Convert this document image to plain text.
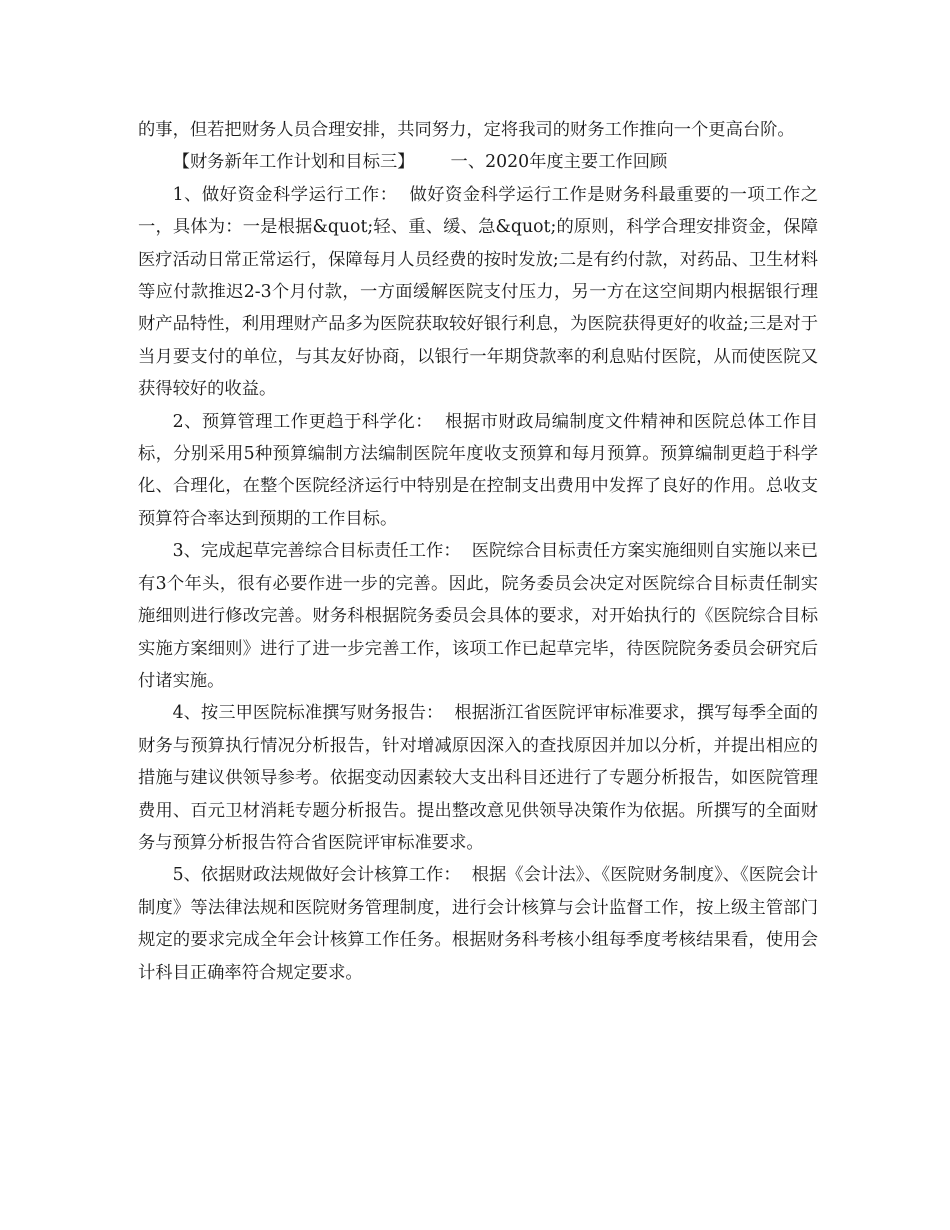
的事，但若把财务人员合理安排，共同努力，定将我司的财务工作推向一个更高台阶。

【财务新年工作计划和目标三】 一、2020年度主要工作回顾

1、做好资金科学运行工作： 做好资金科学运行工作是财务科最重要的一项工作之一，具体为：一是根据&quot;轻、重、缓、急&quot;的原则，科学合理安排资金，保障医疗活动日常正常运行，保障每月人员经费的按时发放;二是有约付款，对药品、卫生材料等应付款推迟2-3个月付款，一方面缓解医院支付压力，另一方在这空间期内根据银行理财产品特性，利用理财产品多为医院获取较好银行利息，为医院获得更好的收益;三是对于当月要支付的单位，与其友好协商，以银行一年期贷款率的利息贴付医院，从而使医院又获得较好的收益。

2、预算管理工作更趋于科学化： 根据市财政局编制度文件精神和医院总体工作目标，分别采用5种预算编制方法编制医院年度收支预算和每月预算。预算编制更趋于科学化、合理化，在整个医院经济运行中特别是在控制支出费用中发挥了良好的作用。总收支预算符合率达到预期的工作目标。

3、完成起草完善综合目标责任工作： 医院综合目标责任方案实施细则自实施以来已有3个年头，很有必要作进一步的完善。因此，院务委员会决定对医院综合目标责任制实施细则进行修改完善。财务科根据院务委员会具体的要求，对开始执行的《医院综合目标实施方案细则》进行了进一步完善工作，该项工作已起草完毕，待医院院务委员会研究后付诸实施。

4、按三甲医院标准撰写财务报告： 根据浙江省医院评审标准要求，撰写每季全面的财务与预算执行情况分析报告，针对增减原因深入的查找原因并加以分析，并提出相应的措施与建议供领导参考。依据变动因素较大支出科目还进行了专题分析报告，如医院管理费用、百元卫材消耗专题分析报告。提出整改意见供领导决策作为依据。所撰写的全面财务与预算分析报告符合省医院评审标准要求。

5、依据财政法规做好会计核算工作： 根据《会计法》、《医院财务制度》、《医院会计制度》等法律法规和医院财务管理制度，进行会计核算与会计监督工作，按上级主管部门规定的要求完成全年会计核算工作任务。根据财务科考核小组每季度考核结果看，使用会计科目正确率符合规定要求。
